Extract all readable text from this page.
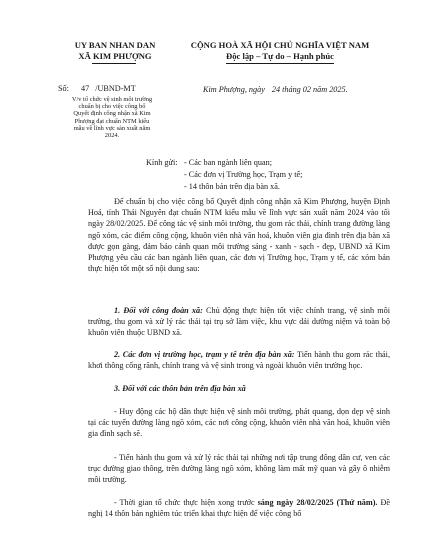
UY BAN NHAN DAN
XÃ KIM PHƯỢNG
CỘNG HOÀ XÃ HỘI CHỦ NGHĨA VIỆT NAM
Độc lập – Tự do – Hạnh phúc
Số: 47 /UBND-MT
V/v tổ chức vệ sinh môi trường
chuẩn bị cho việc công bố
Quyết định công nhận xã Kim
Phượng đạt chuẩn NTM kiểu
mẫu về lĩnh vực sản xuất năm
2024.
Kim Phượng, ngày 24 tháng 02 năm 2025.
Kính gửi: - Các ban ngành liên quan;
- Các đơn vị Trường học, Trạm y tế;
- 14 thôn bản trên địa bàn xã.
Để chuẩn bị cho việc công bố Quyết định công nhận xã Kim Phượng, huyện Định Hoá, tỉnh Thái Nguyên đạt chuẩn NTM kiểu mẫu về lĩnh vực sản xuất năm 2024 vào tối ngày 28/02/2025. Để công tác vệ sinh môi trường, thu gom rác thải, chỉnh trang đường làng ngõ xóm, các điểm công cộng, khuôn viên nhà văn hoá, khuôn viên gia đình trên địa bàn xã được gọn gàng, đảm bảo cảnh quan môi trường sáng - xanh - sạch - đẹp, UBND xã Kim Phượng yêu cầu các ban ngành liên quan, các đơn vị Trường học, Trạm y tế, các xóm bản thực hiện tốt một số nội dung sau:
1. Đối với công đoàn xã: Chủ động thực hiện tốt việc chỉnh trang, vệ sinh môi trường, thu gom và xử lý rác thải tại trụ sở làm việc, khu vực dải dường niệm và toàn bộ khuôn viên thuộc UBND xã.
2. Các đơn vị trường học, trạm y tế trên địa bàn xã: Tiến hành thu gom rác thải, khơi thông cống rãnh, chỉnh trang và vệ sinh trong và ngoài khuôn viên trường học.
3. Đối với các thôn bản trên địa bàn xã
- Huy động các hộ dân thực hiện vệ sinh môi trường, phát quang, dọn dẹp vệ sinh tại các tuyến đường làng ngõ xóm, các nơi công cộng, khuôn viên nhà văn hoá, khuôn viên gia đình sạch sẽ.
- Tiến hành thu gom và xử lý rác thải tại những nơi tập trung đông dân cư, ven các trục đường giao thông, trên đường làng ngõ xóm, không làm mất mỹ quan và gây ô nhiễm môi trường.
- Thời gian tổ chức thực hiện xong trước sáng ngày 28/02/2025 (Thứ năm). Đề nghị 14 thôn bản nghiêm túc triển khai thực hiện để việc công bố
